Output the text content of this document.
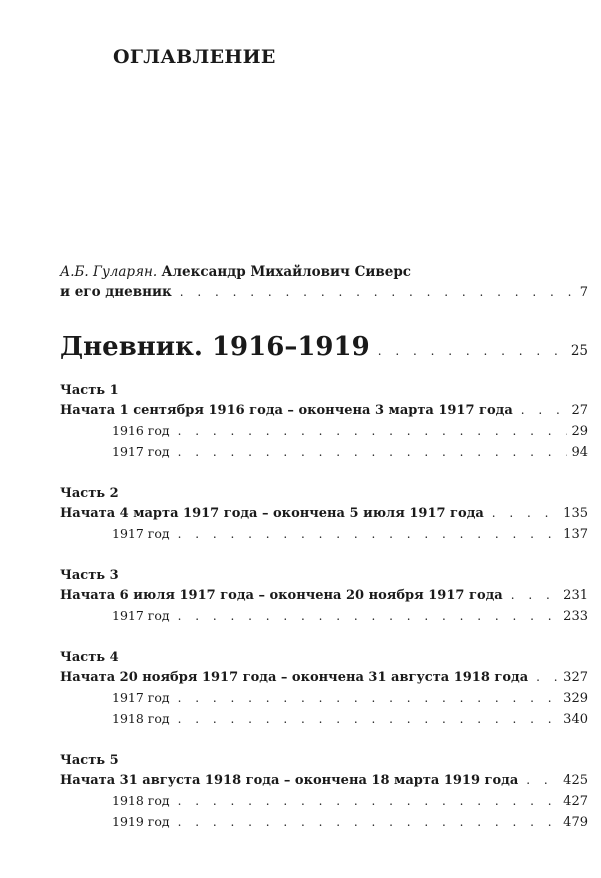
ОГЛАВЛЕНИЕ
А.Б. Гуларян. Александр Михайлович Сиверс
и его дневник . . .	7
Дневник. 1916–1919 . . .	25
Часть 1
Начата 1 сентября 1916 года – окончена 3 марта 1917 года . . .	27
1916 год . . .	29
1917 год . . .	94
Часть 2
Начата 4 марта 1917 года – окончена 5 июля 1917 года . . .	135
1917 год . . .	137
Часть 3
Начата 6 июля 1917 года – окончена 20 ноября 1917 года . . .	231
1917 год . . .	233
Часть 4
Начата 20 ноября 1917 года – окончена 31 августа 1918 года . . .	327
1917 год . . .	329
1918 год . . .	340
Часть 5
Начата 31 августа 1918 года – окончена 18 марта 1919 года . . .	425
1918 год . . .	427
1919 год . . .	479
